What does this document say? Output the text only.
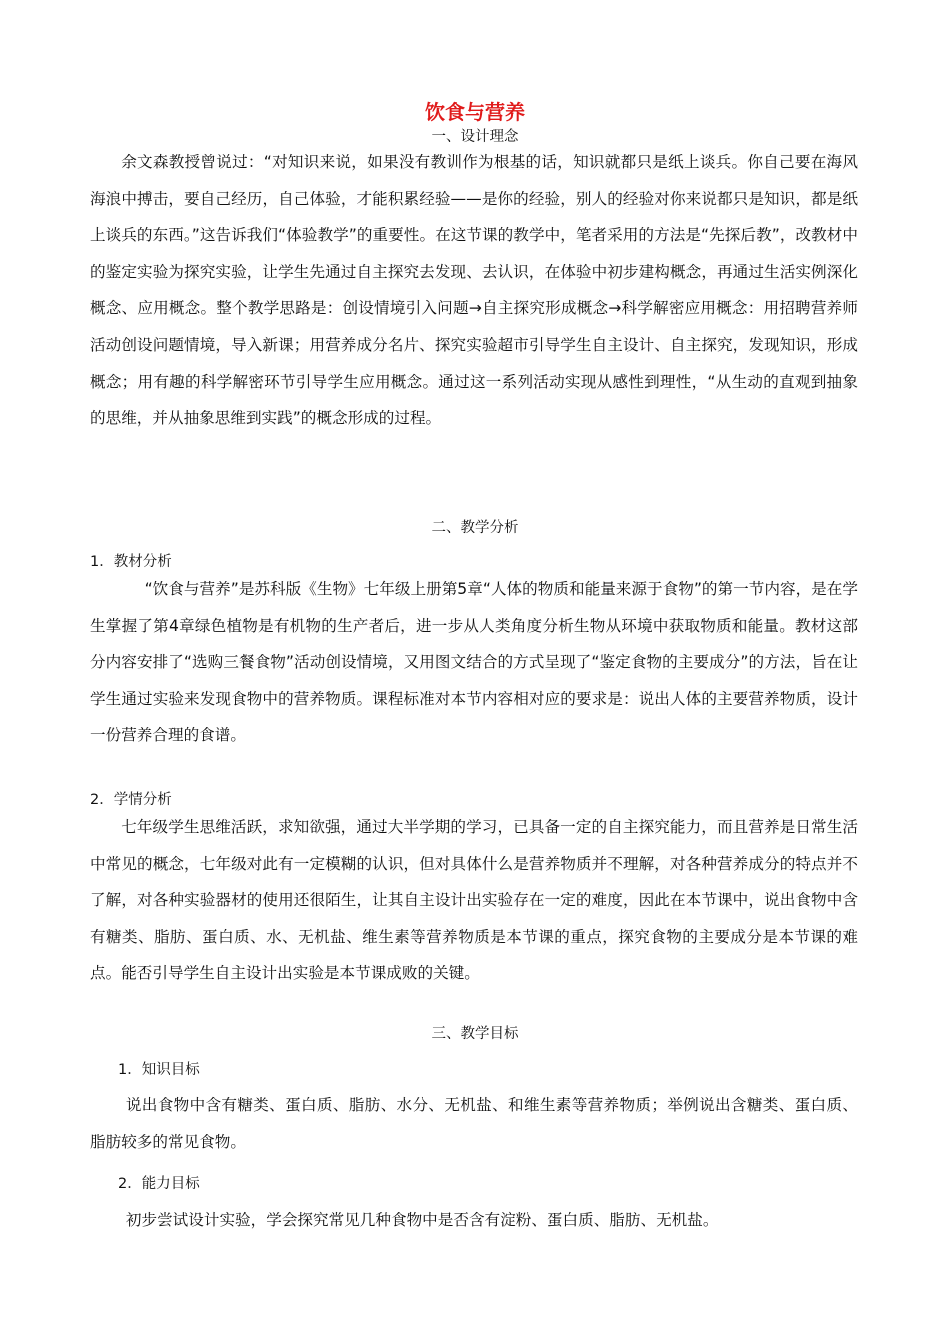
饮食与营养
一、设计理念
余文森教授曾说过：“对知识来说，如果没有教训作为根基的话，知识就都只是纸上谈兵。你自己要在海风海浪中搏击，要自己经历，自己体验，才能积累经验——是你的经验，别人的经验对你来说都只是知识，都是纸上谈兵的东西。”这告诉我们“体验教学”的重要性。在这节课的教学中，笔者采用的方法是“先探后教”，改教材中的鉴定实验为探究实验，让学生先通过自主探究去发现、去认识，在体验中初步建构概念，再通过生活实例深化概念、应用概念。整个教学思路是：创设情境引入问题→自主探究形成概念→科学解密应用概念：用招聘营养师活动创设问题情境，导入新课；用营养成分名片、探究实验超市引导学生自主设计、自主探究，发现知识，形成概念；用有趣的科学解密环节引导学生应用概念。通过这一系列活动实现从感性到理性，“从生动的直观到抽象的思维，并从抽象思维到实践”的概念形成的过程。
二、教学分析
1．教材分析
“饮食与营养”是苏科版《生物》七年级上册第5章“人体的物质和能量来源于食物”的第一节内容，是在学生掌握了第4章绿色植物是有机物的生产者后，进一步从人类角度分析生物从环境中获取物质和能量。教材这部分内容安排了“选购三餐食物”活动创设情境，又用图文结合的方式呈现了“鉴定食物的主要成分”的方法，旨在让学生通过实验来发现食物中的营养物质。课程标准对本节内容相对应的要求是：说出人体的主要营养物质，设计一份营养合理的食谱。
2．学情分析
七年级学生思维活跃，求知欲强，通过大半学期的学习，已具备一定的自主探究能力，而且营养是日常生活中常见的概念，七年级对此有一定模糊的认识，但对具体什么是营养物质并不理解，对各种营养成分的特点并不了解，对各种实验器材的使用还很陌生，让其自主设计出实验存在一定的难度，因此在本节课中，说出食物中含有糖类、脂肪、蛋白质、水、无机盐、维生素等营养物质是本节课的重点，探究食物的主要成分是本节课的难点。能否引导学生自主设计出实验是本节课成败的关键。
三、教学目标
1．知识目标
说出食物中含有糖类、蛋白质、脂肪、水分、无机盐、和维生素等营养物质；举例说出含糖类、蛋白质、脂肪较多的常见食物。
2．能力目标
初步尝试设计实验，学会探究常见几种食物中是否含有淀粉、蛋白质、脂肪、无机盐。
